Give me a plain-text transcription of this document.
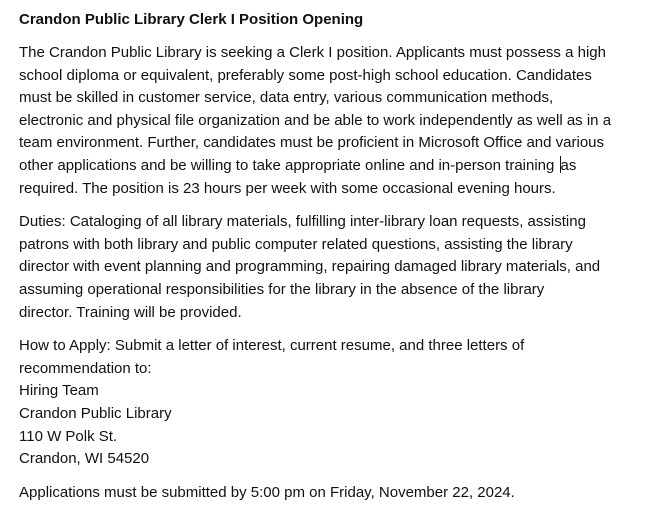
Crandon Public Library Clerk I Position Opening
The Crandon Public Library is seeking a Clerk I position. Applicants must possess a high
school diploma or equivalent, preferably some post-high school education. Candidates
must be skilled in customer service, data entry, various communication methods,
electronic and physical file organization and be able to work independently as well as in a
team environment. Further, candidates must be proficient in Microsoft Office and various
other applications and be willing to take appropriate online and in-person training as
required. The position is 23 hours per week with some occasional evening hours.
Duties: Cataloging of all library materials, fulfilling inter-library loan requests, assisting
patrons with both library and public computer related questions, assisting the library
director with event planning and programming, repairing damaged library materials, and
assuming operational responsibilities for the library in the absence of the library
director. Training will be provided.
How to Apply: Submit a letter of interest, current resume, and three letters of
recommendation to:
Hiring Team
Crandon Public Library
110 W Polk St.
Crandon, WI 54520
Applications must be submitted by 5:00 pm on Friday, November 22, 2024.
